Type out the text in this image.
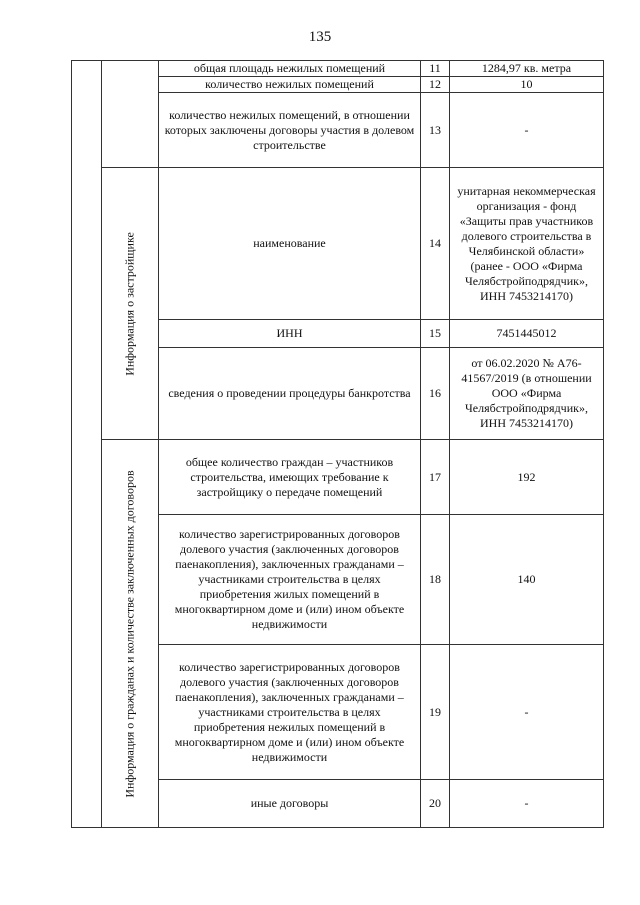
135
		общая площадь нежилых помещений	11	1284,97 кв. метра
		количество нежилых помещений	12	10
		количество нежилых помещений, в отношении которых заключены договоры участия в долевом строительстве	13	-

	Информация о застройщике	наименование	14	унитарная некоммерческая организация - фонд «Защиты прав участников долевого строительства в Челябинской области» (ранее - ООО «Фирма Челябстройподрядчик», ИНН 7453214170)
		ИНН	15	7451445012
		сведения о проведении процедуры банкротства	16	от 06.02.2020 № А76-41567/2019 (в отношении ООО «Фирма Челябстройподрядчик», ИНН 7453214170)

	Информация о гражданах и количестве заключенных договоров	общее количество граждан – участников строительства, имеющих требование к застройщику о передаче помещений	17	192
		количество зарегистрированных договоров долевого участия (заключенных договоров паенакопления), заключенных гражданами – участниками строительства в целях приобретения жилых помещений в многоквартирном доме и (или) ином объекте недвижимости	18	140
		количество зарегистрированных договоров долевого участия (заключенных договоров паенакопления), заключенных гражданами – участниками строительства в целях приобретения нежилых помещений в многоквартирном доме и (или) ином объекте недвижимости	19	-
		иные договоры	20	-
